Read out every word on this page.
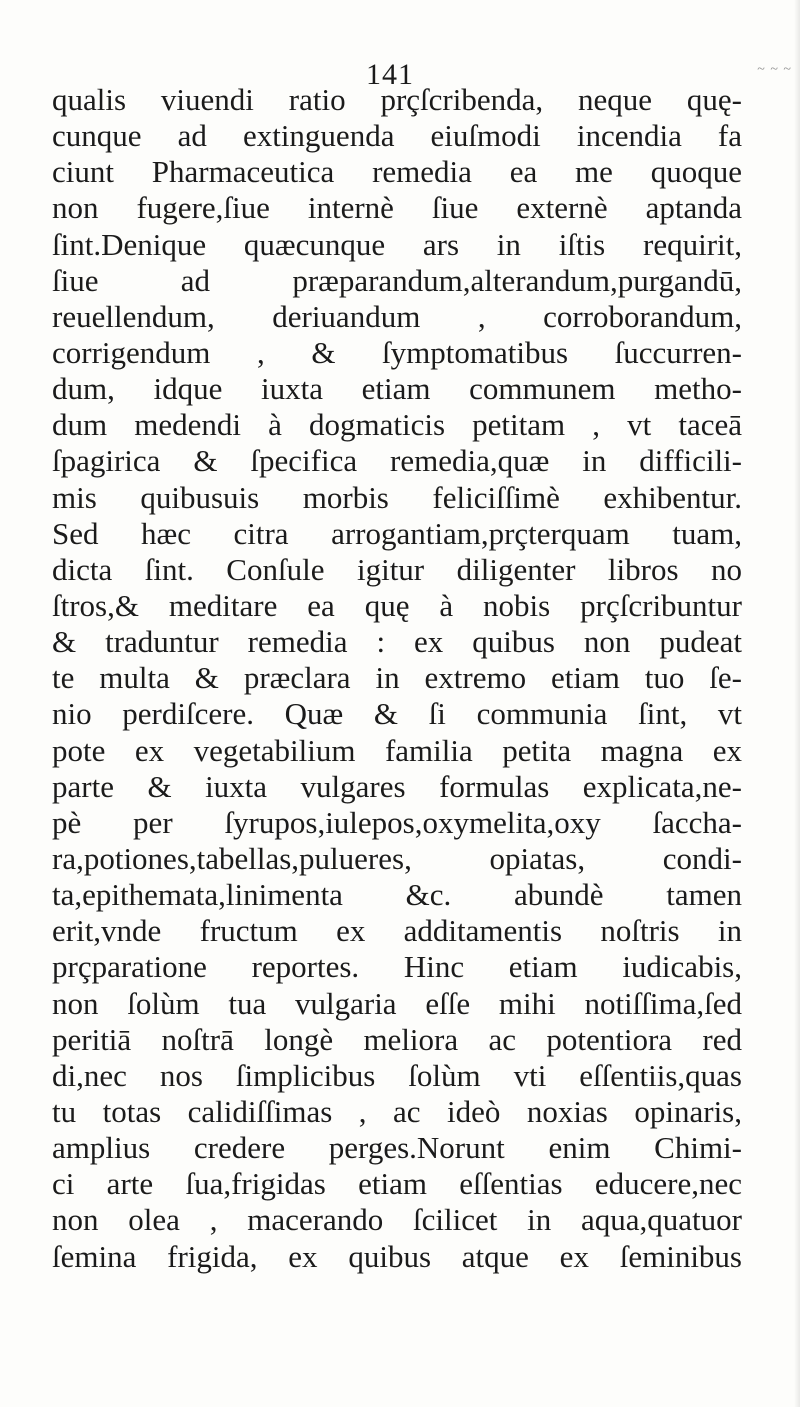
141	~ ~ ~
qualis viuendi ratio prçſcribenda, neque quę-
cunque ad extinguenda eiuſmodi incendia fa
ciunt Pharmaceutica remedia ea me quoque
non fugere,ſiue internè ſiue externè aptanda
ſint.Denique quæcunque ars in iſtis requirit,
ſiue ad præparandum,alterandum,purgandū,
reuellendum, deriuandum , corroborandum,
corrigendum , & ſymptomatibus ſuccurren-
dum, idque iuxta etiam communem metho-
dum medendi à dogmaticis petitam , vt taceā
ſpagirica & ſpecifica remedia,quæ in difficili-
mis quibusuis morbis feliciſſimè exhibentur.
Sed hæc citra arrogantiam,prçterquam tuam,
dicta ſint. Conſule igitur diligenter libros no
ſtros,& meditare ea quę à nobis prçſcribuntur
& traduntur remedia : ex quibus non pudeat
te multa & præclara in extremo etiam tuo ſe-
nio perdiſcere. Quæ & ſi communia ſint, vt
pote ex vegetabilium familia petita magna ex
parte & iuxta vulgares formulas explicata,ne-
pè per ſyrupos,iulepos,oxymelita,oxy ſaccha-
ra,potiones,tabellas,pulueres, opiatas, condi-
ta,epithemata,linimenta &c. abundè tamen
erit,vnde fructum ex additamentis noſtris in
prçparatione reportes. Hinc etiam iudicabis,
non ſolùm tua vulgaria eſſe mihi notiſſima,ſed
peritiā noſtrā longè meliora ac potentiora red
di,nec nos ſimplicibus ſolùm vti eſſentiis,quas
tu totas calidiſſimas , ac ideò noxias opinaris,
amplius credere perges.Norunt enim Chimi-
ci arte ſua,frigidas etiam eſſentias educere,nec
non olea , macerando ſcilicet in aqua,quatuor
ſemina frigida, ex quibus atque ex ſeminibus
